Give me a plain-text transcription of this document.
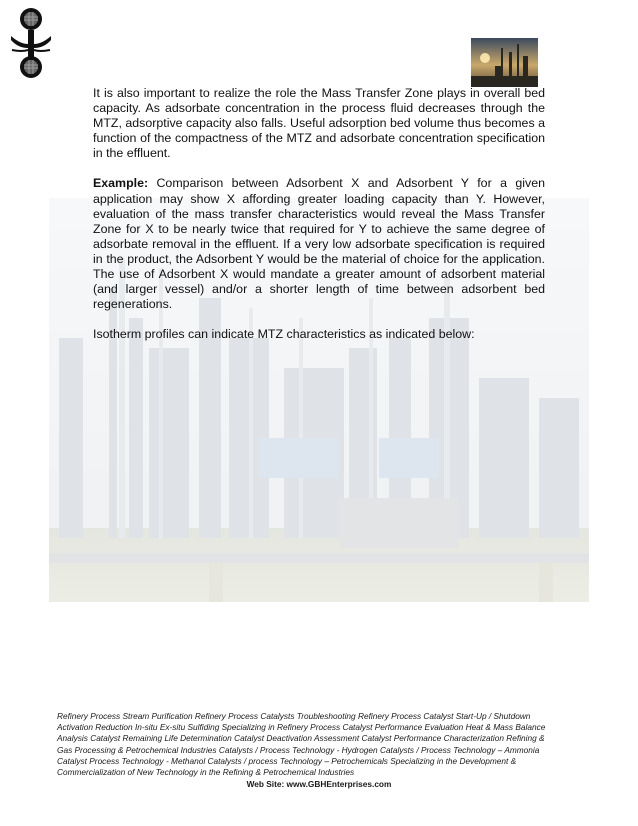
It is also important to realize the role the Mass Transfer Zone plays in overall bed capacity. As adsorbate concentration in the process fluid decreases through the MTZ, adsorptive capacity also falls. Useful adsorption bed volume thus becomes a function of the compactness of the MTZ and adsorbate concentration specification in the effluent.

Example: Comparison between Adsorbent X and Adsorbent Y for a given application may show X affording greater loading capacity than Y. However, evaluation of the mass transfer characteristics would reveal the Mass Transfer Zone for X to be nearly twice that required for Y to achieve the same degree of adsorbate removal in the effluent. If a very low adsorbate specification is required in the product, the Adsorbent Y would be the material of choice for the application. The use of Adsorbent X would mandate a greater amount of adsorbent material (and larger vessel) and/or a shorter length of time between adsorbent bed regenerations.

Isotherm profiles can indicate MTZ characteristics as indicated below:

Refinery Process Stream Purification Refinery Process Catalysts Troubleshooting Refinery Process Catalyst Start-Up / Shutdown Activation Reduction In-situ Ex-situ Sulfiding Specializing in Refinery Process Catalyst Performance Evaluation Heat & Mass Balance Analysis Catalyst Remaining Life Determination Catalyst Deactivation Assessment Catalyst Performance Characterization Refining & Gas Processing & Petrochemical Industries Catalysts / Process Technology - Hydrogen Catalysts / Process Technology – Ammonia Catalyst Process Technology - Methanol Catalysts / process Technology – Petrochemicals Specializing in the Development & Commercialization of New Technology in the Refining & Petrochemical Industries
Web Site: www.GBHEnterprises.com
